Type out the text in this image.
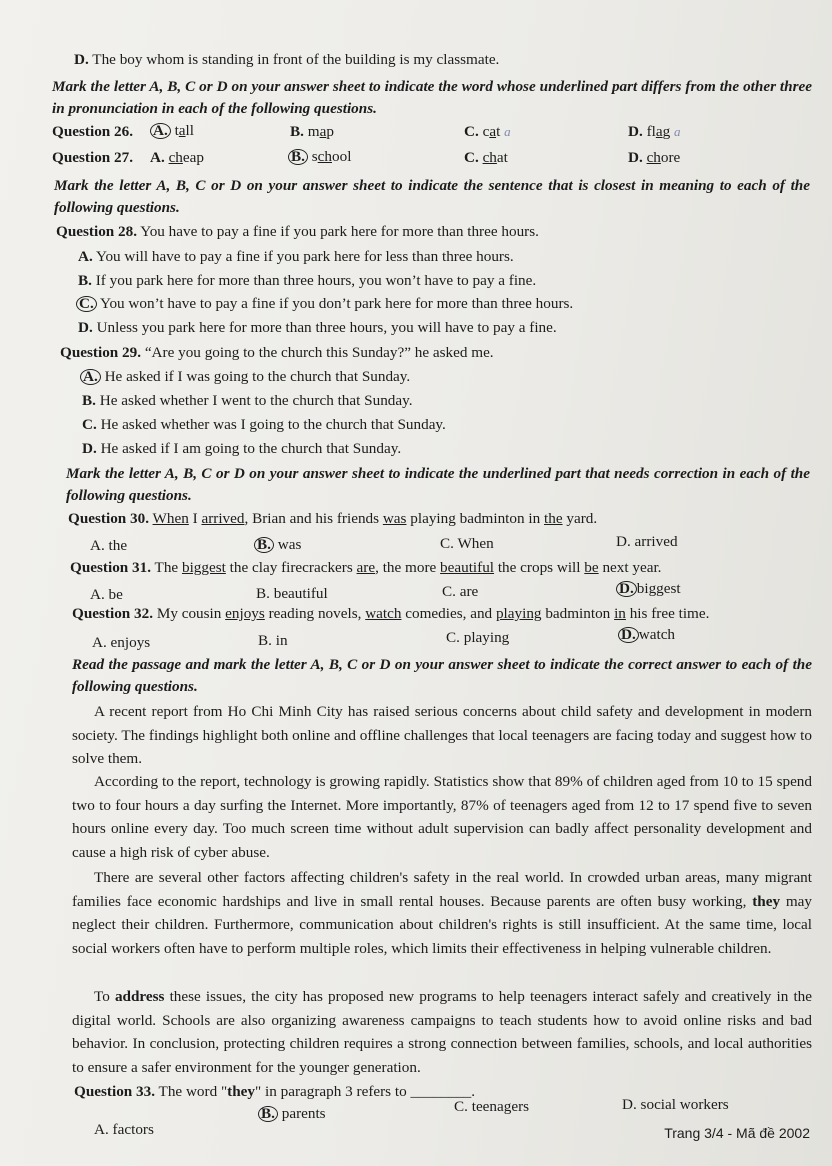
D. The boy whom is standing in front of the building is my classmate.
Mark the letter A, B, C or D on your answer sheet to indicate the word whose underlined part differs from the other three in pronunciation in each of the following questions.
Question 26. A. tall	B. map	C. cat a	D. flag a
Question 27. A. cheap	B. school	C. chat	D. chore
Mark the letter A, B, C or D on your answer sheet to indicate the sentence that is closest in meaning to each of the following questions.
Question 28. You have to pay a fine if you park here for more than three hours.
A. You will have to pay a fine if you park here for less than three hours.
B. If you park here for more than three hours, you won’t have to pay a fine.
C. You won’t have to pay a fine if you don’t park here for more than three hours.
D. Unless you park here for more than three hours, you will have to pay a fine.
Question 29. “Are you going to the church this Sunday?” he asked me.
A. He asked if I was going to the church that Sunday.
B. He asked whether I went to the church that Sunday.
C. He asked whether was I going to the church that Sunday.
D. He asked if I am going to the church that Sunday.
Mark the letter A, B, C or D on your answer sheet to indicate the underlined part that needs correction in each of the following questions.
Question 30. When I arrived, Brian and his friends was playing badminton in the yard.
A. the	B. was	C. When	D. arrived
Question 31. The biggest the clay firecrackers are, the more beautiful the crops will be next year.
A. be	B. beautiful	C. are	D. biggest
Question 32. My cousin enjoys reading novels, watch comedies, and playing badminton in his free time.
A. enjoys	B. in	C. playing	D. watch
Read the passage and mark the letter A, B, C or D on your answer sheet to indicate the correct answer to each of the following questions.
A recent report from Ho Chi Minh City has raised serious concerns about child safety and development in modern society. The findings highlight both online and offline challenges that local teenagers are facing today and suggest how to solve them.
According to the report, technology is growing rapidly. Statistics show that 89% of children aged from 10 to 15 spend two to four hours a day surfing the Internet. More importantly, 87% of teenagers aged from 12 to 17 spend five to seven hours online every day. Too much screen time without adult supervision can badly affect personality development and cause a high risk of cyber abuse.
There are several other factors affecting children's safety in the real world. In crowded urban areas, many migrant families face economic hardships and live in small rental houses. Because parents are often busy working, they may neglect their children. Furthermore, communication about children's rights is still insufficient. At the same time, local social workers often have to perform multiple roles, which limits their effectiveness in helping vulnerable children.
To address these issues, the city has proposed new programs to help teenagers interact safely and creatively in the digital world. Schools are also organizing awareness campaigns to teach students how to avoid online risks and bad behavior. In conclusion, protecting children requires a strong connection between families, schools, and local authorities to ensure a safer environment for the younger generation.
Question 33. The word "they" in paragraph 3 refers to ________.
A. factors
B. parents	C. teenagers	D. social workers
Trang 3/4 - Mã đề 2002
